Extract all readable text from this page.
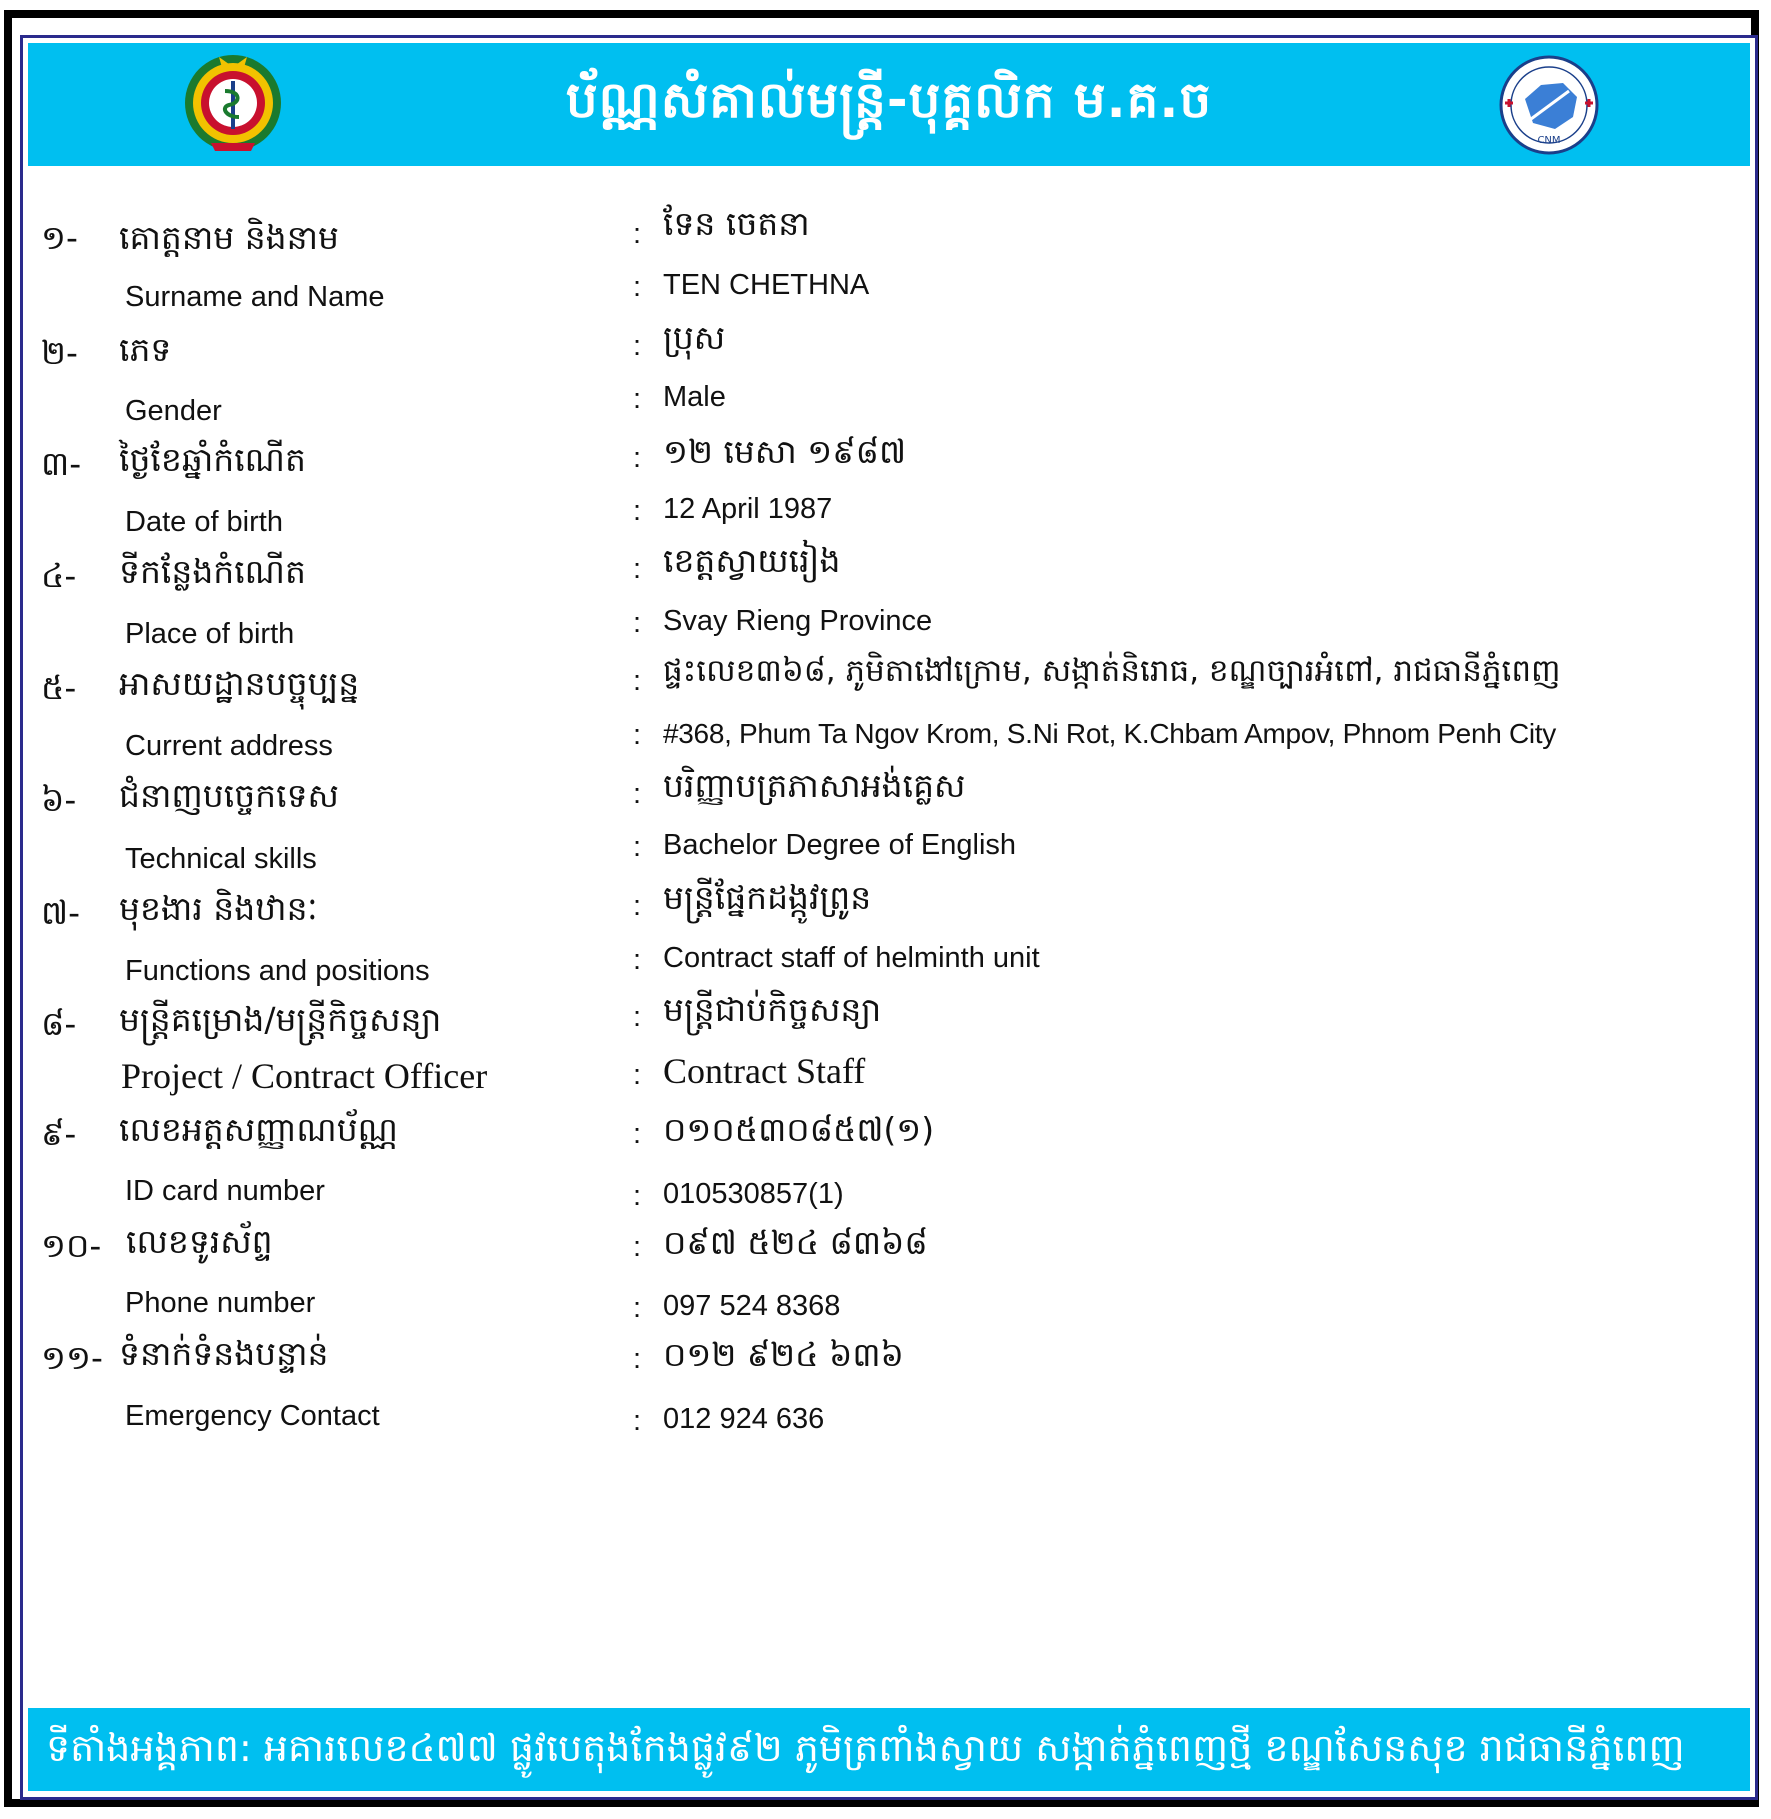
ប័ណ្ណសំគាល់មន្រ្តី-បុគ្គលិក ម.គ.ច
CNM
១- គោត្តនាម និងនាម
Surname and Name
: ទែន ចេតនា
: TEN CHETHNA
២- ភេទ
Gender
: ប្រុស
: Male
៣- ថ្ងៃខែឆ្នាំកំណើត
Date of birth
: ១២ មេសា ១៩៨៧
: 12 April 1987
៤- ទីកន្លែងកំណើត
Place of birth
: ខេត្តស្វាយរៀង
: Svay Rieng Province
៥- អាសយដ្ឋានបច្ចុប្បន្ន
Current address
: ផ្ទះលេខ៣៦៨, ភូមិតាងៅក្រោម, សង្កាត់និរោធ, ខណ្ឌច្បារអំពៅ, រាជធានីភ្នំពេញ
: #368, Phum Ta Ngov Krom, S.Ni Rot, K.Chbam Ampov, Phnom Penh City
៦- ជំនាញបច្ចេកទេស
Technical skills
: បរិញ្ញាបត្រភាសាអង់គ្លេស
: Bachelor Degree of English
៧- មុខងារ និងឋានៈ
Functions and positions
: មន្ត្រីផ្នែកដង្កូវព្រូន
: Contract staff of helminth unit
៨- មន្ត្រីគម្រោង/មន្ត្រីកិច្ចសន្យា
Project / Contract Officer
: មន្ត្រីជាប់កិច្ចសន្យា
: Contract Staff
៩- លេខអត្តសញ្ញាណប័ណ្ណ
ID card number
: ០១០៥៣០៨៥៧(១)
: 010530857(1)
១០- លេខទូរស័ព្ទ
Phone number
: ០៩៧ ៥២៤ ៨៣៦៨
: 097 524 8368
១១- ទំនាក់ទំនងបន្ទាន់
Emergency Contact
: ០១២ ៩២៤ ៦៣៦
: 012 924 636
ទីតាំងអង្គភាព: អគារលេខ៤៧៧ ផ្លូវបេតុងកែងផ្លូវ៩២ ភូមិត្រពាំងស្វាយ សង្កាត់ភ្នំពេញថ្មី ខណ្ឌសែនសុខ រាជធានីភ្នំពេញ
